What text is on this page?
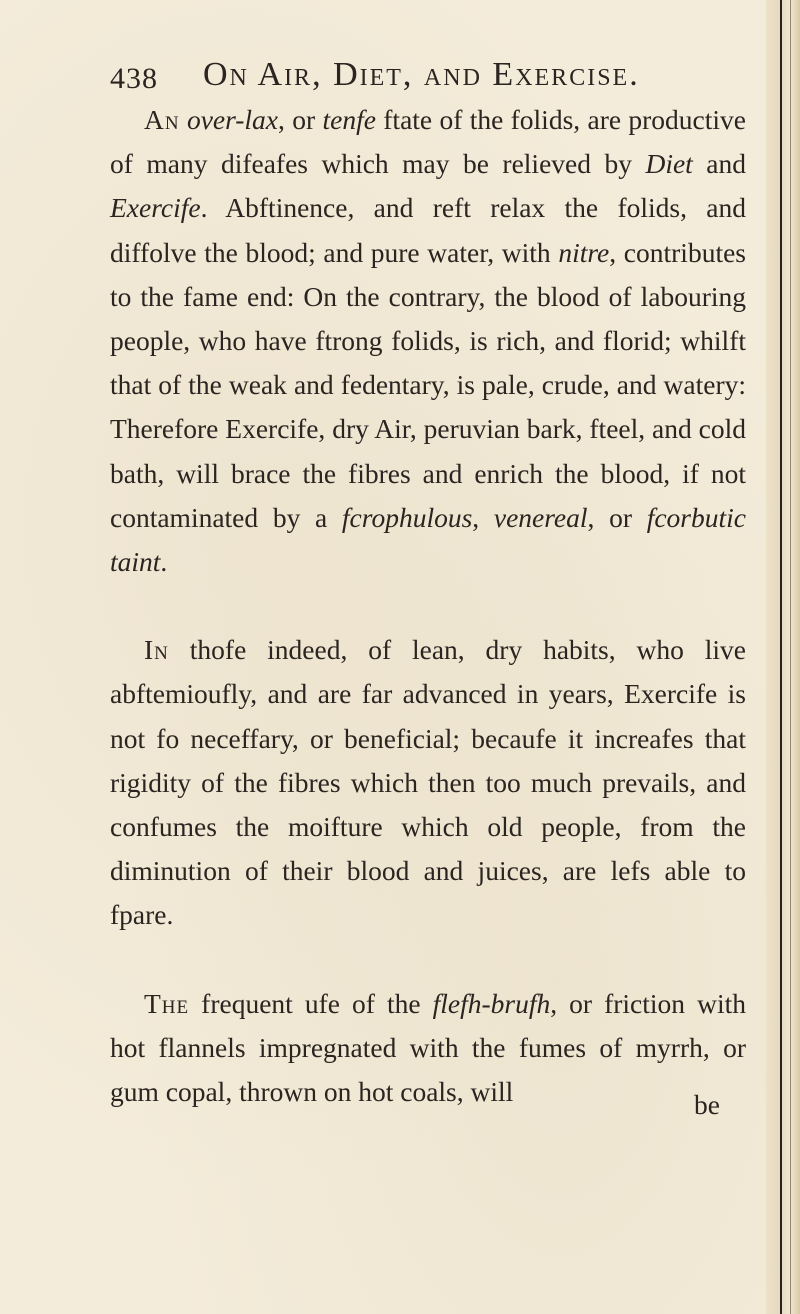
438 On Air, Diet, and Exercise.

An over-lax, or tenfe ftate of the folids, are productive of many difeafes which may be relieved by Diet and Exercife. Abftinence, and reft relax the folids, and diffolve the blood; and pure water, with nitre, contributes to the fame end: On the contrary, the blood of labouring people, who have ftrong folids, is rich, and florid; whilft that of the weak and fedentary, is pale, crude, and watery: Therefore Exercife, dry Air, peruvian bark, fteel, and cold bath, will brace the fibres and enrich the blood, if not contaminated by a fcrophulous, venereal, or fcorbutic taint.

In thofe indeed, of lean, dry habits, who live abftemioufly, and are far advanced in years, Exercife is not fo neceffary, or beneficial; becaufe it increafes that rigidity of the fibres which then too much prevails, and confumes the moifture which old people, from the diminution of their blood and juices, are lefs able to fpare.

The frequent ufe of the flefh-brufh, or friction with hot flannels impregnated with the fumes of myrrh, or gum copal, thrown on hot coals, will	be
